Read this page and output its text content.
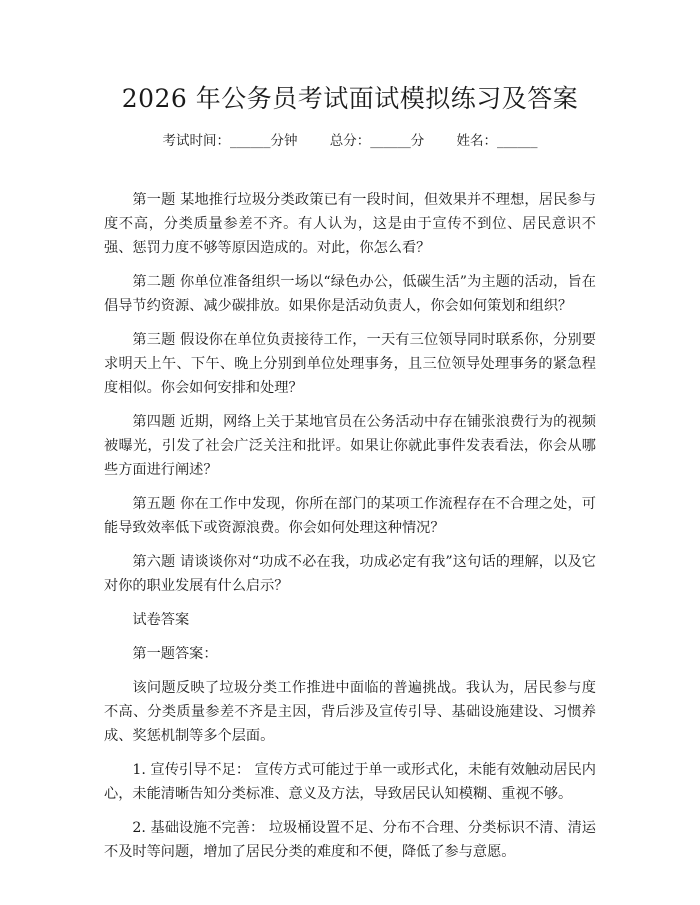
2026 年公务员考试面试模拟练习及答案
考试时间：______分钟 总分：______分 姓名：______

第一题 某地推行垃圾分类政策已有一段时间，但效果并不理想，居民参与度不高，分类质量参差不齐。有人认为，这是由于宣传不到位、居民意识不强、惩罚力度不够等原因造成的。对此，你怎么看？

第二题 你单位准备组织一场以“绿色办公，低碳生活”为主题的活动，旨在倡导节约资源、减少碳排放。如果你是活动负责人，你会如何策划和组织？

第三题 假设你在单位负责接待工作，一天有三位领导同时联系你，分别要求明天上午、下午、晚上分别到单位处理事务，且三位领导处理事务的紧急程度相似。你会如何安排和处理？

第四题 近期，网络上关于某地官员在公务活动中存在铺张浪费行为的视频被曝光，引发了社会广泛关注和批评。如果让你就此事件发表看法，你会从哪些方面进行阐述？

第五题 你在工作中发现，你所在部门的某项工作流程存在不合理之处，可能导致效率低下或资源浪费。你会如何处理这种情况？

第六题 请谈谈你对“功成不必在我，功成必定有我”这句话的理解，以及它对你的职业发展有什么启示？

试卷答案

第一题答案：

该问题反映了垃圾分类工作推进中面临的普遍挑战。我认为，居民参与度不高、分类质量参差不齐是主因，背后涉及宣传引导、基础设施建设、习惯养成、奖惩机制等多个层面。

1. 宣传引导不足： 宣传方式可能过于单一或形式化，未能有效触动居民内心，未能清晰告知分类标准、意义及方法，导致居民认知模糊、重视不够。

2. 基础设施不完善： 垃圾桶设置不足、分布不合理、分类标识不清、清运不及时等问题，增加了居民分类的难度和不便，降低了参与意愿。
